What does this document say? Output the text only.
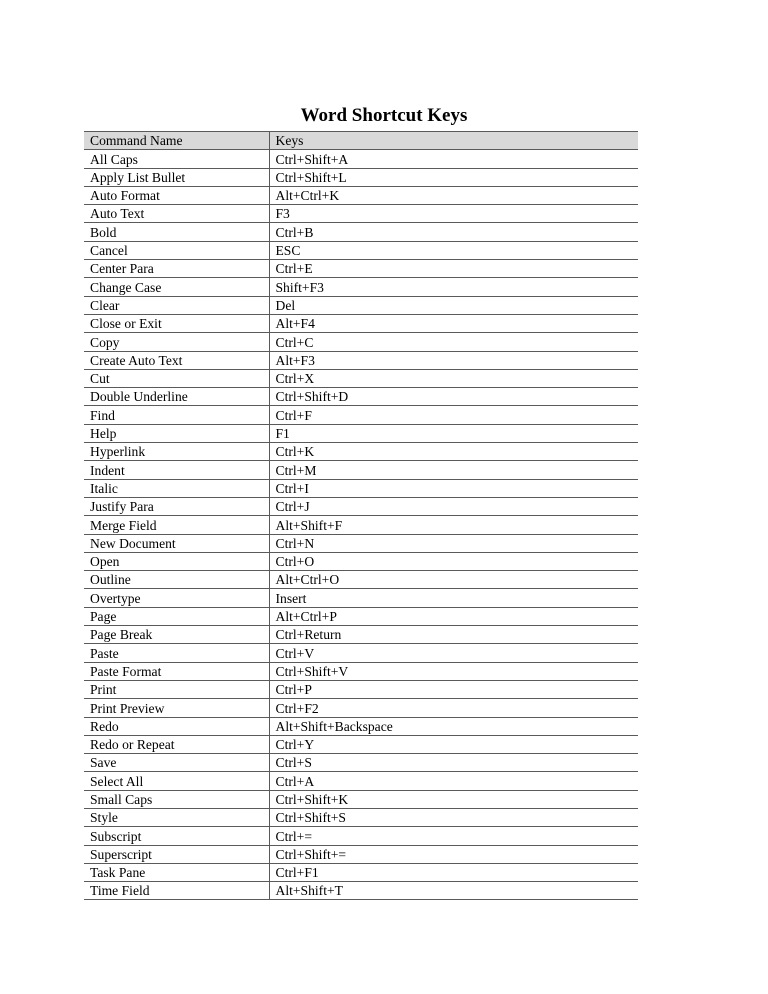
Word Shortcut Keys
Command Name	Keys
All Caps	Ctrl+Shift+A
Apply List Bullet	Ctrl+Shift+L
Auto Format	Alt+Ctrl+K
Auto Text	F3
Bold	Ctrl+B
Cancel	ESC
Center Para	Ctrl+E
Change Case	Shift+F3
Clear	Del
Close or Exit	Alt+F4
Copy	Ctrl+C
Create Auto Text	Alt+F3
Cut	Ctrl+X
Double Underline	Ctrl+Shift+D
Find	Ctrl+F
Help	F1
Hyperlink	Ctrl+K
Indent	Ctrl+M
Italic	Ctrl+I
Justify Para	Ctrl+J
Merge Field	Alt+Shift+F
New Document	Ctrl+N
Open	Ctrl+O
Outline	Alt+Ctrl+O
Overtype	Insert
Page	Alt+Ctrl+P
Page Break	Ctrl+Return
Paste	Ctrl+V
Paste Format	Ctrl+Shift+V
Print	Ctrl+P
Print Preview	Ctrl+F2
Redo	Alt+Shift+Backspace
Redo or Repeat	Ctrl+Y
Save	Ctrl+S
Select All	Ctrl+A
Small Caps	Ctrl+Shift+K
Style	Ctrl+Shift+S
Subscript	Ctrl+=
Superscript	Ctrl+Shift+=
Task Pane	Ctrl+F1
Time Field	Alt+Shift+T
